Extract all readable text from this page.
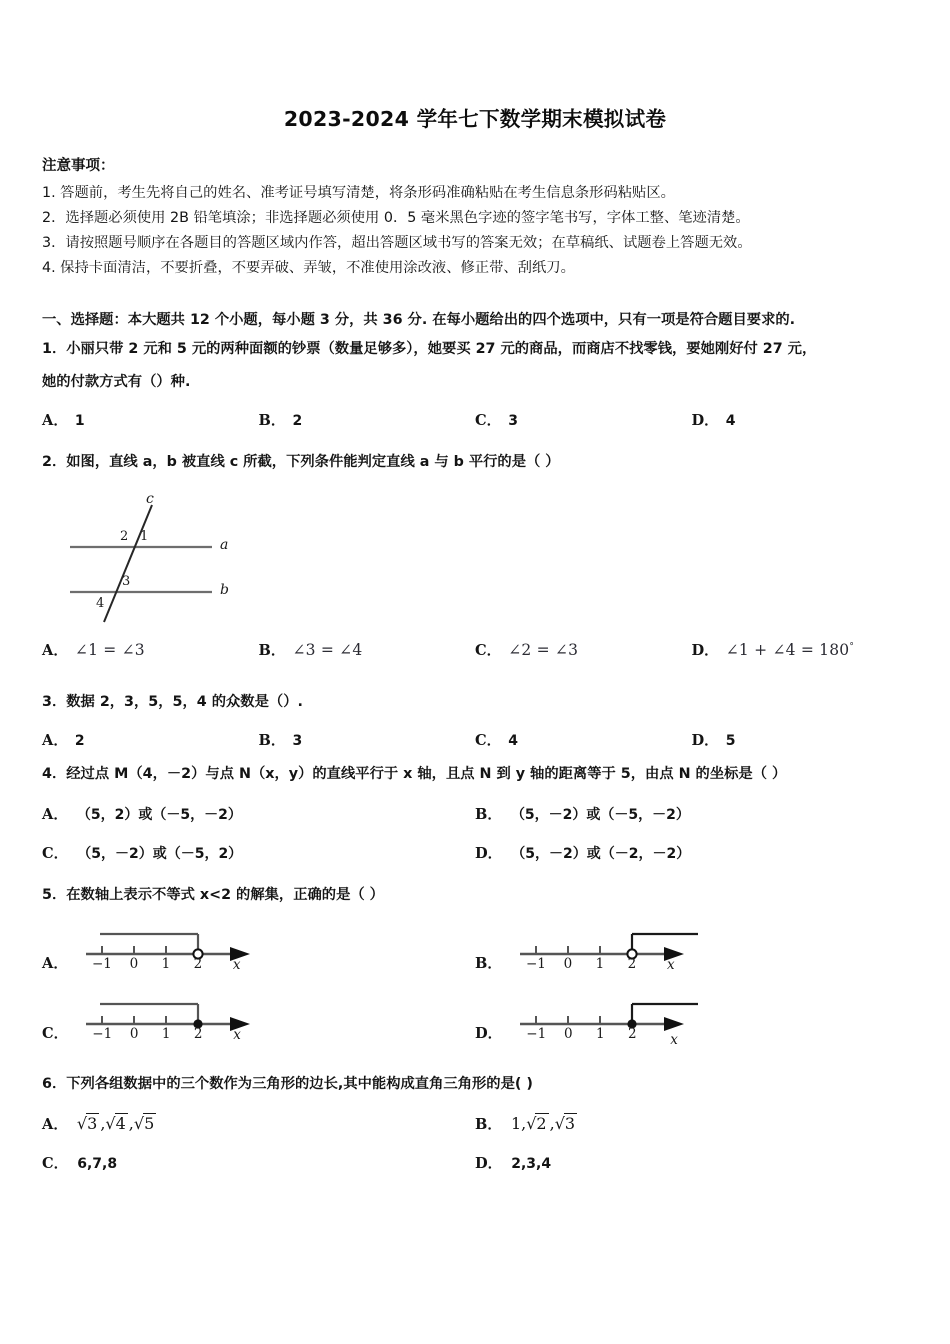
2023-2024 学年七下数学期末模拟试卷

注意事项：

1. 答题前，考生先将自己的姓名、准考证号填写清楚，将条形码准确粘贴在考生信息条形码粘贴区。

2．选择题必须使用 2B 铅笔填涂；非选择题必须使用 0．5 毫米黑色字迹的签字笔书写，字体工整、笔迹清楚。

3．请按照题号顺序在各题目的答题区域内作答，超出答题区域书写的答案无效；在草稿纸、试题卷上答题无效。

4. 保持卡面清洁，不要折叠，不要弄破、弄皱，不准使用涂改液、修正带、刮纸刀。

一、选择题：本大题共 12 个小题，每小题 3 分，共 36 分. 在每小题给出的四个选项中，只有一项是符合题目要求的.

1．小丽只带 2 元和 5 元的两种面额的钞票（数量足够多），她要买 27 元的商品，而商店不找零钱，要她刚好付 27 元，

她的付款方式有（）种.

A． 1	B． 2	C． 3	D． 4

2．如图，直线 a，b 被直线 c 所截，下列条件能判定直线 a 与 b 平行的是（ ）

c
a
b
2 1
3
4
A． ∠1 = ∠3	B． ∠3 = ∠4	C． ∠2 = ∠3	D． ∠1 + ∠4 = 180°

3．数据 2，3，5，5，4 的众数是（）.

A． 2	B． 3	C． 4	D． 5

4．经过点 M（4，－2）与点 N（x，y）的直线平行于 x 轴，且点 N 到 y 轴的距离等于 5，由点 N 的坐标是（ ）

A． （5，2）或（－5，－2）	B． （5，－2）或（－5，－2）
C． （5，－2）或（－5，2）	D． （5，－2）或（－2，－2）

5．在数轴上表示不等式 x<2 的解集，正确的是（ ）

A． −1 0 1 2 x	B． −1 0 1 2 x
C． −1 0 1 2 x	D． −1 0 1 2 x

6．下列各组数据中的三个数作为三角形的边长,其中能构成直角三角形的是( )

A． √3 ,√4 ,√5	B． 1,√2 ,√3
C． 6,7,8	D． 2,3,4
